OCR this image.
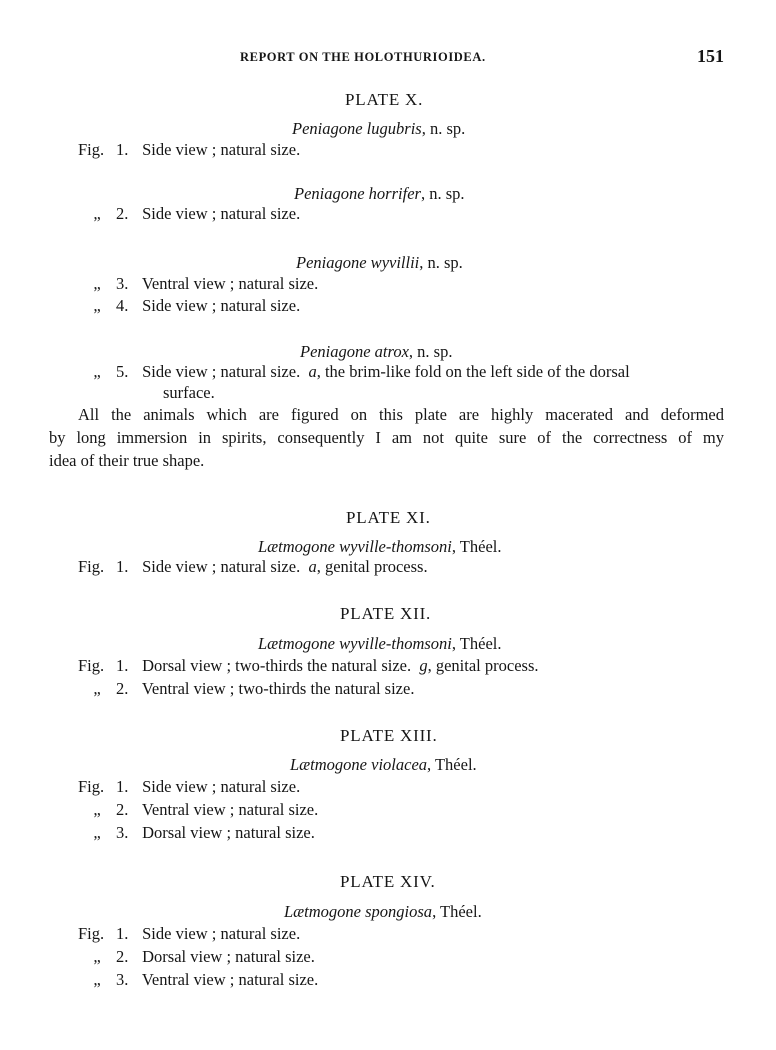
REPORT ON THE HOLOTHURIOIDEA.	151
PLATE X.
Peniagone lugubris, n. sp.
Fig. 1. Side view ; natural size.
Peniagone horrifer, n. sp.
„ 2. Side view ; natural size.
Peniagone wyvillii, n. sp.
„ 3. Ventral view ; natural size.
„ 4. Side view ; natural size.
Peniagone atrox, n. sp.
„ 5. Side view ; natural size. a, the brim-like fold on the left side of the dorsal
surface.
All the animals which are figured on this plate are highly macerated and deformed
by long immersion in spirits, consequently I am not quite sure of the correctness of my
idea of their true shape.
PLATE XI.
Lætmogone wyville-thomsoni, Théel.
Fig. 1. Side view ; natural size. a, genital process.
PLATE XII.
Lætmogone wyville-thomsoni, Théel.
Fig. 1. Dorsal view ; two-thirds the natural size. g, genital process.
„ 2. Ventral view ; two-thirds the natural size.
PLATE XIII.
Lætmogone violacea, Théel.
Fig. 1. Side view ; natural size.
„ 2. Ventral view ; natural size.
„ 3. Dorsal view ; natural size.
PLATE XIV.
Lætmogone spongiosa, Théel.
Fig. 1. Side view ; natural size.
„ 2. Dorsal view ; natural size.
„ 3. Ventral view ; natural size.
